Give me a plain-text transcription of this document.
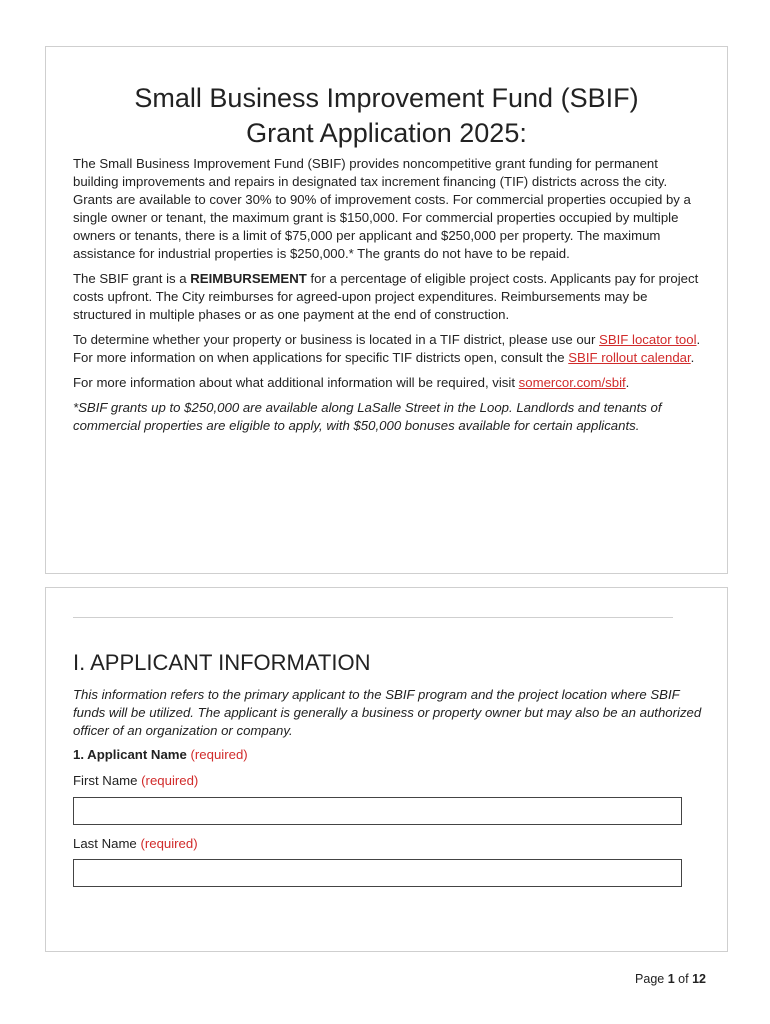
Small Business Improvement Fund (SBIF)
Grant Application 2025:

The Small Business Improvement Fund (SBIF) provides noncompetitive grant funding for permanent building improvements and repairs in designated tax increment financing (TIF) districts across the city. Grants are available to cover 30% to 90% of improvement costs. For commercial properties occupied by a single owner or tenant, the maximum grant is $150,000. For commercial properties occupied by multiple owners or tenants, there is a limit of $75,000 per applicant and $250,000 per property. The maximum assistance for industrial properties is $250,000.* The grants do not have to be repaid.

The SBIF grant is a REIMBURSEMENT for a percentage of eligible project costs. Applicants pay for project costs upfront. The City reimburses for agreed-upon project expenditures. Reimbursements may be structured in multiple phases or as one payment at the end of construction.

To determine whether your property or business is located in a TIF district, please use our SBIF locator tool. For more information on when applications for specific TIF districts open, consult the SBIF rollout calendar.

For more information about what additional information will be required, visit somercor.com/sbif.

*SBIF grants up to $250,000 are available along LaSalle Street in the Loop. Landlords and tenants of commercial properties are eligible to apply, with $50,000 bonuses available for certain applicants.

I. APPLICANT INFORMATION

This information refers to the primary applicant to the SBIF program and the project location where SBIF funds will be utilized. The applicant is generally a business or property owner but may also be an authorized officer of an organization or company.

1. Applicant Name (required)

First Name (required)

Last Name (required)

Page 1 of 12
